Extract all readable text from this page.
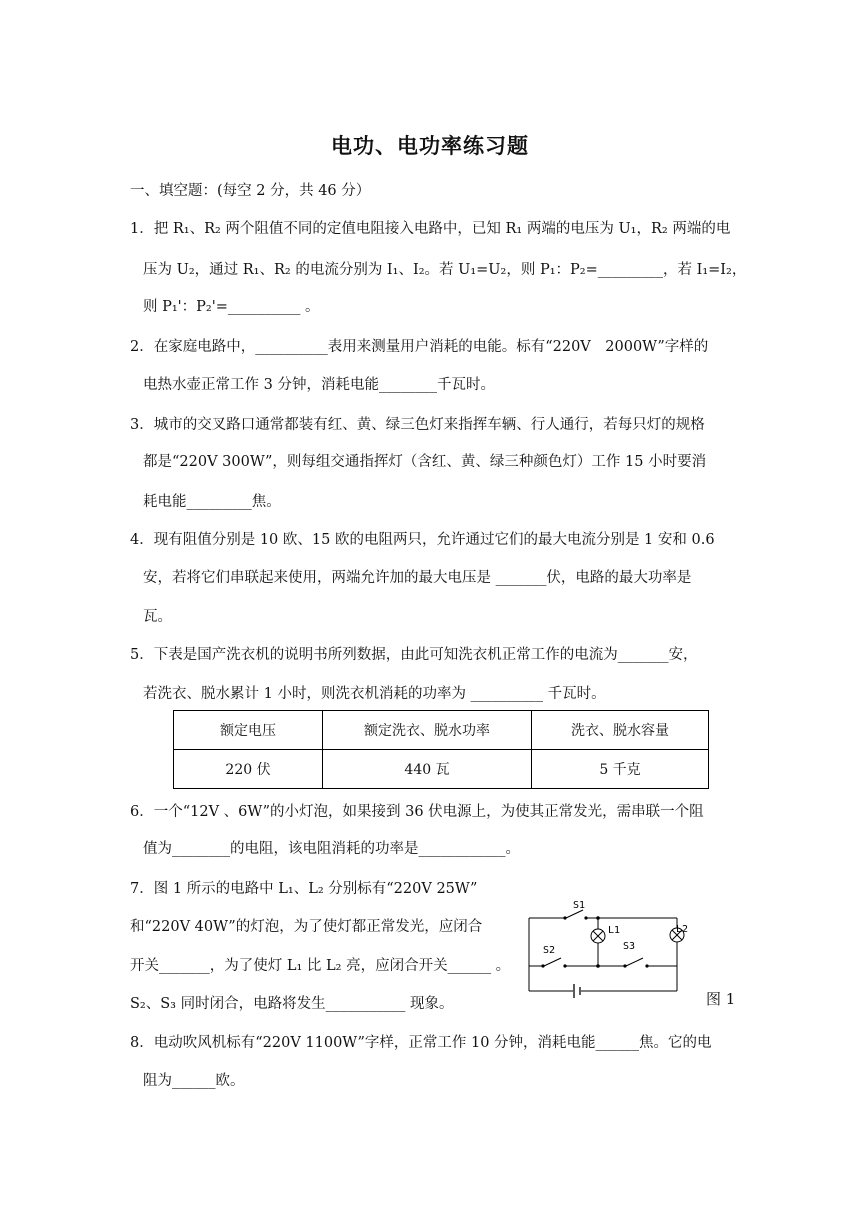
电功、电功率练习题
一、填空题：(每空 2 分，共 46 分）
1．把 R₁、R₂ 两个阻值不同的定值电阻接入电路中，已知 R₁ 两端的电压为 U₁，R₂ 两端的电
压为 U₂，通过 R₁、R₂ 的电流分别为 I₁、I₂。若 U₁=U₂，则 P₁：P₂=_________，若 I₁=I₂，
则 P₁'：P₂'=__________ 。
2．在家庭电路中，__________表用来测量用户消耗的电能。标有“220V　2000W”字样的
电热水壶正常工作 3 分钟，消耗电能________千瓦时。
3．城市的交叉路口通常都装有红、黄、绿三色灯来指挥车辆、行人通行，若每只灯的规格
都是“220V 300W”，则每组交通指挥灯（含红、黄、绿三种颜色灯）工作 15 小时要消
耗电能_________焦。
4．现有阻值分别是 10 欧、15 欧的电阻两只，允许通过它们的最大电流分别是 1 安和 0.6
安，若将它们串联起来使用，两端允许加的最大电压是 _______伏，电路的最大功率是
瓦。
5．下表是国产洗衣机的说明书所列数据，由此可知洗衣机正常工作的电流为_______安，
若洗衣、脱水累计 1 小时，则洗衣机消耗的功率为 __________ 千瓦时。
额定电压	额定洗衣、脱水功率	洗衣、脱水容量
220 伏	440 瓦	5 千克
6．一个“12V 、6W”的小灯泡，如果接到 36 伏电源上，为使其正常发光，需串联一个阻
值为________的电阻，该电阻消耗的功率是____________。
7．图 1 所示的电路中 L₁、L₂ 分别标有“220V 25W”
和“220V 40W”的灯泡，为了使灯都正常发光，应闭合
开关_______，为了使灯 L₁ 比 L₂ 亮，应闭合开关______ 。
S₂、S₃ 同时闭合，电路将发生___________ 现象。
S1
L1	L2
S2	S3
图 1
8．电动吹风机标有“220V 1100W”字样，正常工作 10 分钟，消耗电能______焦。它的电
阻为______欧。
